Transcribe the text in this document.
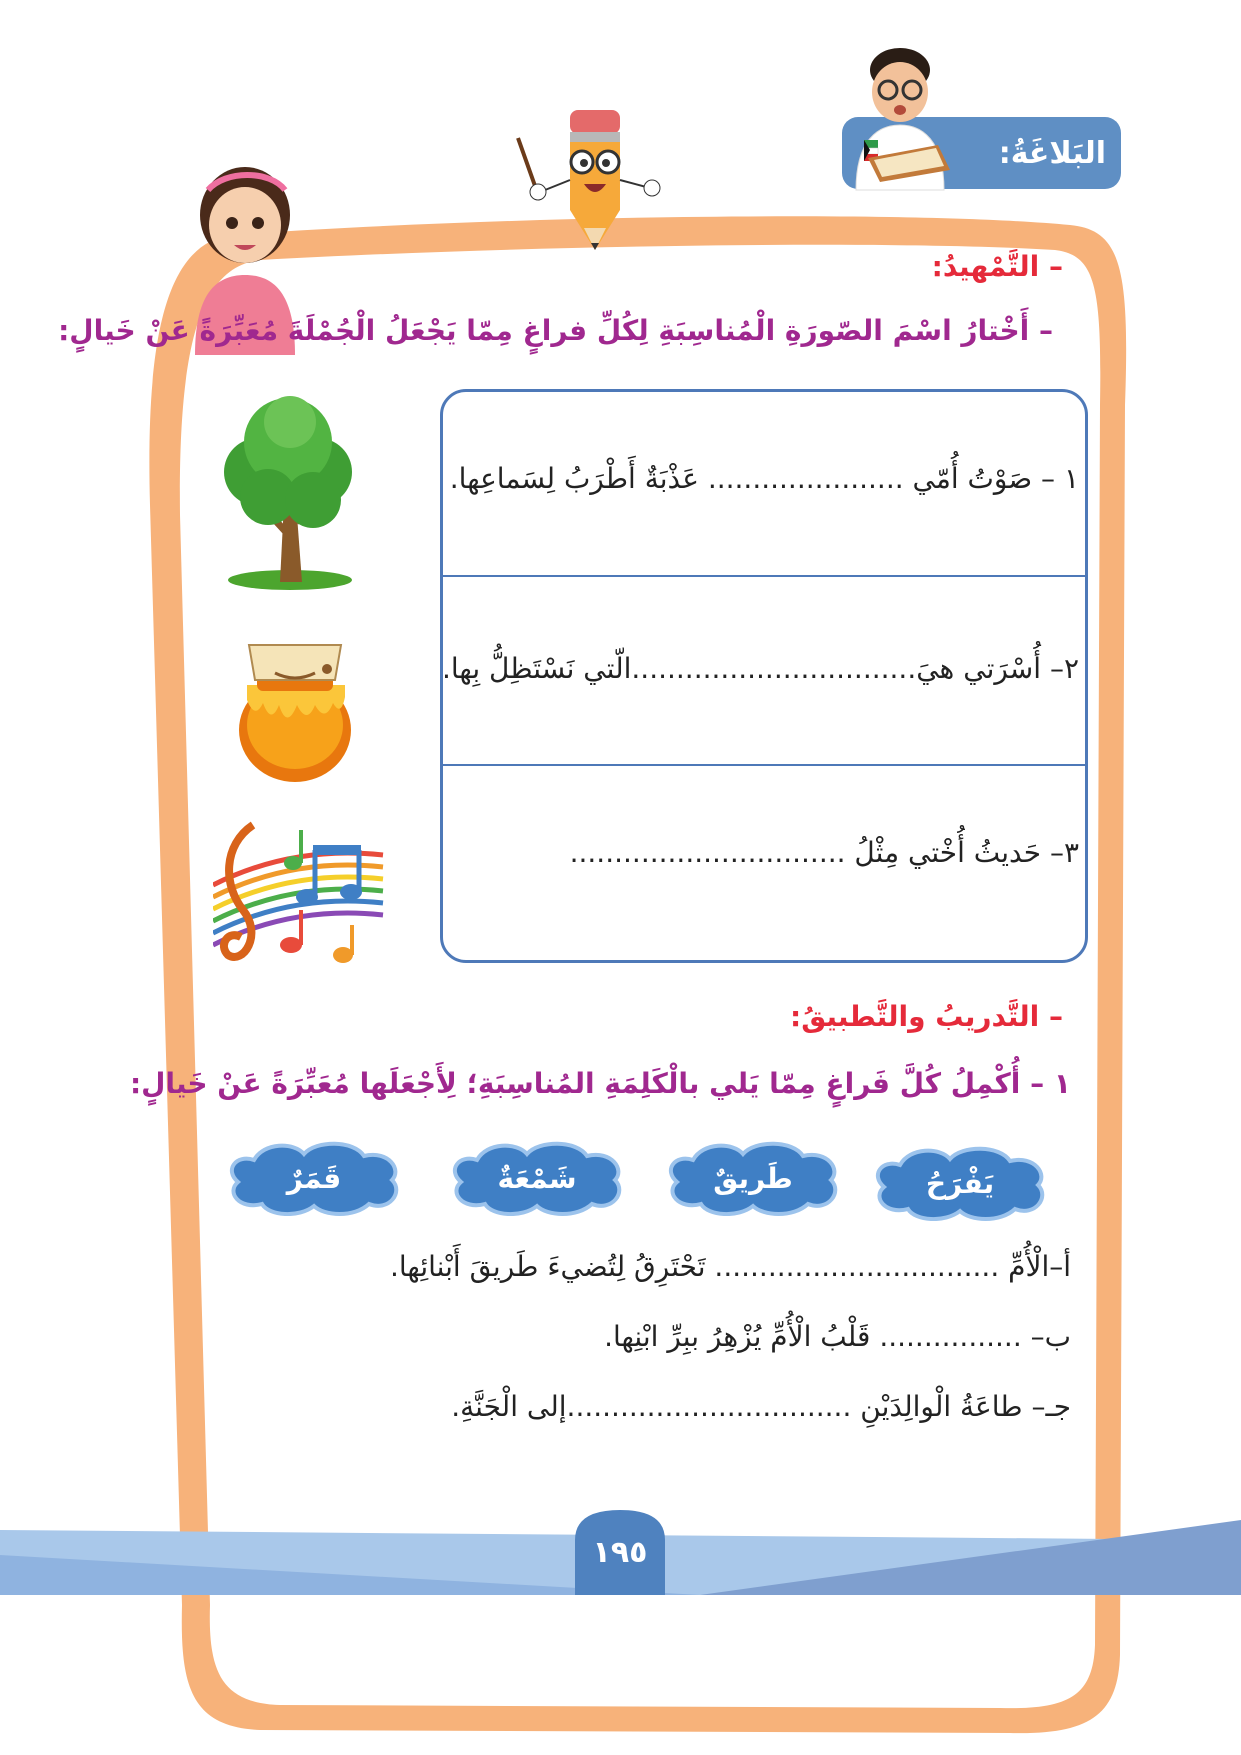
البَلاغَةُ:
– التَّمْهيدُ:
– أَخْتارُ اسْمَ الصّورَةِ الْمُناسِبَةِ لِكُلِّ فراغٍ مِمّا يَجْعَلُ الْجُمْلَةَ مُعَبِّرَةً عَنْ خَيالٍ:
١ – صَوْتُ أُمّي ...................... عَذْبَةٌ أَطْرَبُ لِسَماعِها.
٢– أُسْرَتي هيَ................................الّتي نَسْتَظِلُّ بِها.
٣– حَديثُ أُخْتي مِثْلُ ...............................
– التَّدريبُ والتَّطبيقُ:
١ – أُكْمِلُ كُلَّ فَراغٍ مِمّا يَلي بالْكَلِمَةِ المُناسِبَةِ؛ لِأَجْعَلَها مُعَبِّرَةً عَنْ خَيالٍ:
يَفْرَحُ
طَريقٌ
شَمْعَةٌ
قَمَرٌ
أ–الْأُمِّ ................................ تَحْتَرِقُ لِتُضيءَ طَريقَ أَبْنائِها.
ب– ................ قَلْبُ الْأُمِّ يُزْهِرُ ببِرِّ ابْنِها.
جـ– طاعَةُ الْوالِدَيْنِ ................................إلى الْجَنَّةِ.
١٩٥
